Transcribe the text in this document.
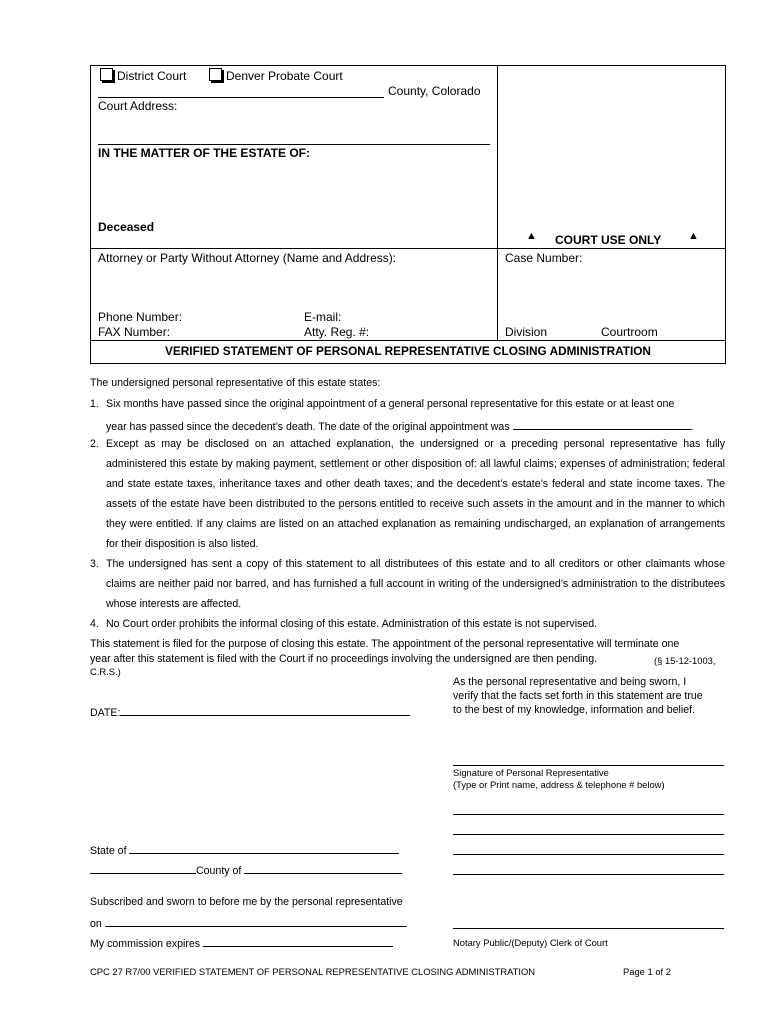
District Court	Denver Probate Court
County, Colorado
Court Address:
IN THE MATTER OF THE ESTATE OF:
Deceased
▲ COURT USE ONLY ▲
Attorney or Party Without Attorney (Name and Address):	Case Number:
Phone Number:	E-mail:
FAX Number:	Atty. Reg. #:	Division	Courtroom
VERIFIED STATEMENT OF PERSONAL REPRESENTATIVE CLOSING ADMINISTRATION
The undersigned personal representative of this estate states:
1. Six months have passed since the original appointment of a general personal representative for this estate or at least one
year has passed since the decedent’s death. The date of the original appointment was	.
2. Except as may be disclosed on an attached explanation, the undersigned or a preceding personal representative has fully administered this estate by making payment, settlement or other disposition of: all lawful claims; expenses of administration; federal and state estate taxes, inheritance taxes and other death taxes; and the decedent’s estate’s federal and state income taxes. The assets of the estate have been distributed to the persons entitled to receive such assets in the amount and in the manner to which they were entitled. If any claims are listed on an attached explanation as remaining undischarged, an explanation of arrangements for their disposition is also listed.
3. The undersigned has sent a copy of this statement to all distributees of this estate and to all creditors or other claimants whose claims are neither paid nor barred, and has furnished a full account in writing of the undersigned’s administration to the distributees whose interests are affected.
4. No Court order prohibits the informal closing of this estate. Administration of this estate is not supervised.
This statement is filed for the purpose of closing this estate. The appointment of the personal representative will terminate one
year after this statement is filed with the Court if no proceedings involving the undersigned are then pending.	(§ 15-12-1003,
C.R.S.)
As the personal representative and being sworn, I
verify that the facts set forth in this statement are true
to the best of my knowledge, information and belief.
DATE:
Signature of Personal Representative
(Type or Print name, address & telephone # below)
State of
County of
Subscribed and sworn to before me by the personal representative
on
My commission expires	Notary Public/(Deputy) Clerk of Court
CPC 27 R7/00 VERIFIED STATEMENT OF PERSONAL REPRESENTATIVE CLOSING ADMINISTRATION	Page 1 of 2
